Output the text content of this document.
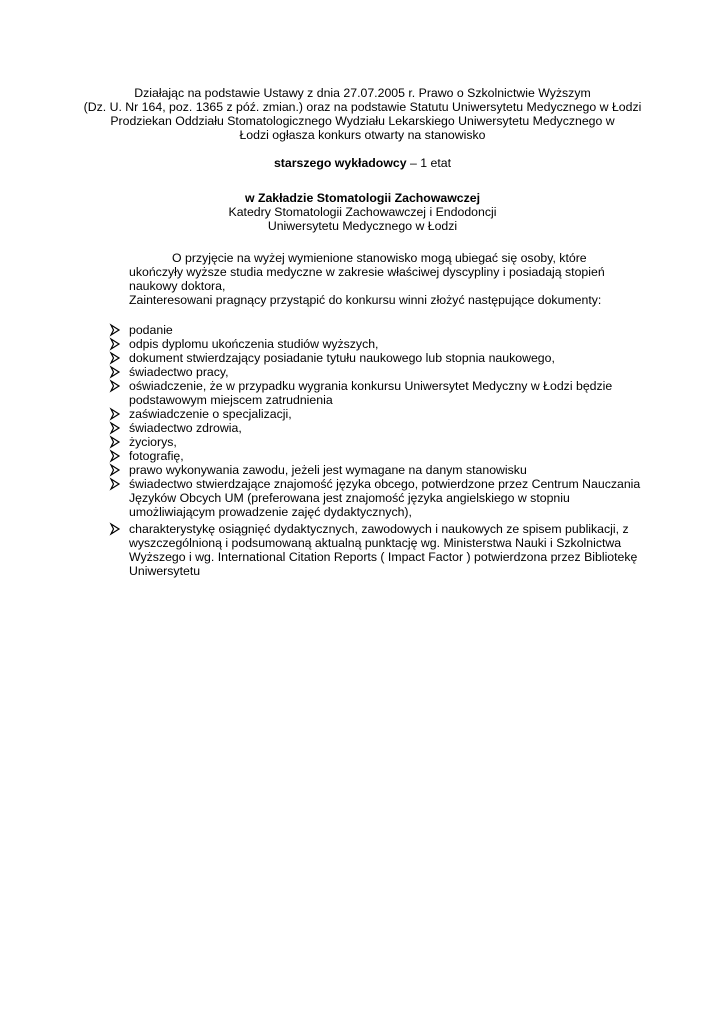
Działając na podstawie Ustawy z dnia 27.07.2005 r. Prawo o Szkolnictwie Wyższym
(Dz. U. Nr 164, poz. 1365 z póź. zmian.) oraz na podstawie Statutu Uniwersytetu Medycznego w Łodzi
Prodziekan Oddziału Stomatologicznego Wydziału Lekarskiego Uniwersytetu Medycznego w
Łodzi ogłasza konkurs otwarty na stanowisko
starszego wykładowcy – 1 etat
w Zakładzie Stomatologii Zachowawczej
Katedry Stomatologii Zachowawczej i Endodoncji
Uniwersytetu Medycznego w Łodzi
O przyjęcie na wyżej wymienione stanowisko mogą ubiegać się osoby, które
ukończyły wyższe studia medyczne w zakresie właściwej dyscypliny i posiadają stopień
naukowy doktora,
Zainteresowani pragnący przystąpić do konkursu winni złożyć następujące dokumenty:
podanie
odpis dyplomu ukończenia studiów wyższych,
dokument stwierdzający posiadanie tytułu naukowego lub stopnia naukowego,
świadectwo pracy,
oświadczenie, że w przypadku wygrania konkursu Uniwersytet Medyczny w Łodzi będzie
podstawowym miejscem zatrudnienia
zaświadczenie o specjalizacji,
świadectwo zdrowia,
życiorys,
fotografię,
prawo wykonywania zawodu, jeżeli jest wymagane na danym stanowisku
świadectwo stwierdzające znajomość języka obcego, potwierdzone przez Centrum Nauczania
Języków Obcych UM (preferowana jest znajomość języka angielskiego w stopniu
umożliwiającym prowadzenie zajęć dydaktycznych),
charakterystykę osiągnięć dydaktycznych, zawodowych i naukowych ze spisem publikacji, z
wyszczególnioną i podsumowaną aktualną punktację wg. Ministerstwa Nauki i Szkolnictwa
Wyższego i wg. International Citation Reports ( Impact Factor ) potwierdzona przez Bibliotekę
Uniwersytetu
